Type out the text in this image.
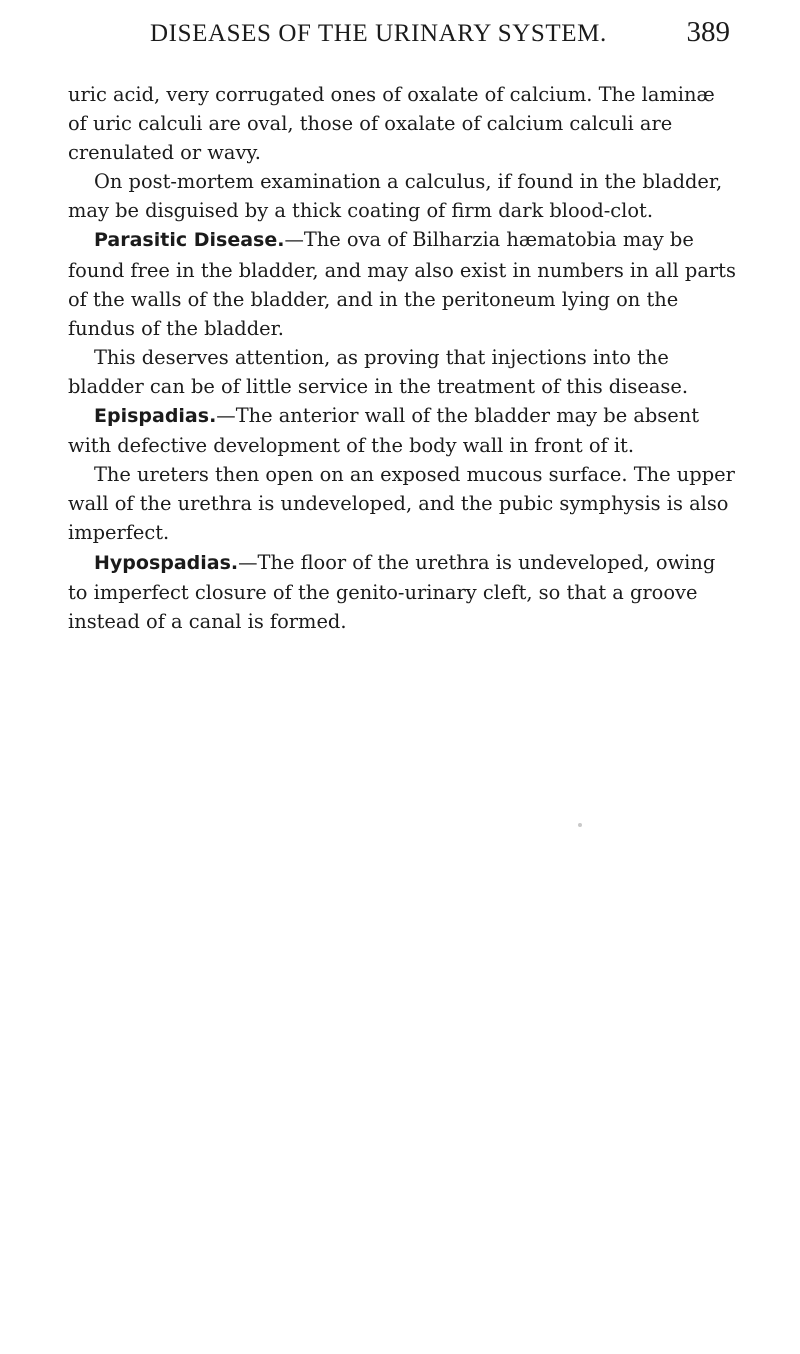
DISEASES OF THE URINARY SYSTEM.	389

uric acid, very corrugated ones of oxalate of calcium. The laminæ of uric calculi are oval, those of oxalate of calcium calculi are crenulated or wavy.

On post-mortem examination a calculus, if found in the bladder, may be disguised by a thick coating of firm dark blood-clot.

Parasitic Disease.—The ova of Bilharzia hæmatobia may be found free in the bladder, and may also exist in numbers in all parts of the walls of the bladder, and in the peritoneum lying on the fundus of the bladder.

This deserves attention, as proving that injections into the bladder can be of little service in the treatment of this disease.

Epispadias.—The anterior wall of the bladder may be absent with defective development of the body wall in front of it.

The ureters then open on an exposed mucous surface. The upper wall of the urethra is undeveloped, and the pubic symphysis is also imperfect.

Hypospadias.—The floor of the urethra is undeveloped, owing to imperfect closure of the genito-urinary cleft, so that a groove instead of a canal is formed.
